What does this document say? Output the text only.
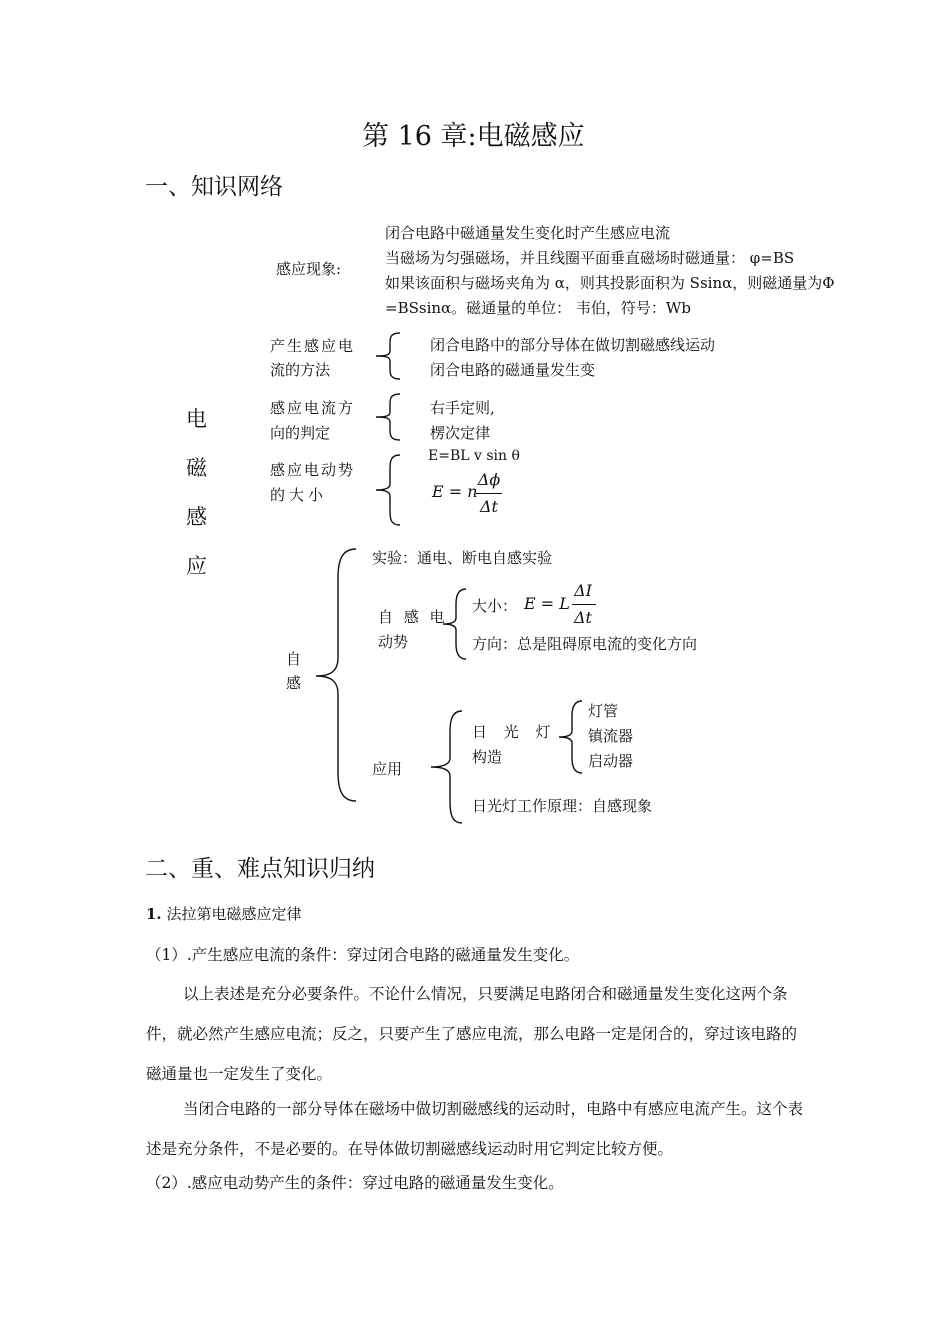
第 16 章:电磁感应
一、知识网络
电
磁
感
应
感应现象:
闭合电路中磁通量发生变化时产生感应电流
当磁场为匀强磁场，并且线圈平面垂直磁场时磁通量： φ=BS
如果该面积与磁场夹角为 α，则其投影面积为 Ssinα，则磁通量为Φ
=BSsinα。磁通量的单位： 韦伯，符号：Wb
产生感应电
流的方法
闭合电路中的部分导体在做切割磁感线运动
闭合电路的磁通量发生变
感应电流方
向的判定
右手定则,
楞次定律
感应电动势
的大小
E=BL v sin θ
E = n
Δϕ
Δt
自
感
实验：通电、断电自感实验
自 感 电
动势
大小： E = L
ΔI
Δt
方向：总是阻碍原电流的变化方向
应用
日 光 灯
构造
灯管
镇流器
启动器
日光灯工作原理：自感现象
二、重、难点知识归纳
1. 法拉第电磁感应定律
（1）.产生感应电流的条件：穿过闭合电路的磁通量发生变化。
以上表述是充分必要条件。不论什么情况，只要满足电路闭合和磁通量发生变化这两个条件，就必然产生感应电流；反之，只要产生了感应电流，那么电路一定是闭合的，穿过该电路的磁通量也一定发生了变化。
当闭合电路的一部分导体在磁场中做切割磁感线的运动时，电路中有感应电流产生。这个表述是充分条件，不是必要的。在导体做切割磁感线运动时用它判定比较方便。
（2）.感应电动势产生的条件：穿过电路的磁通量发生变化。
